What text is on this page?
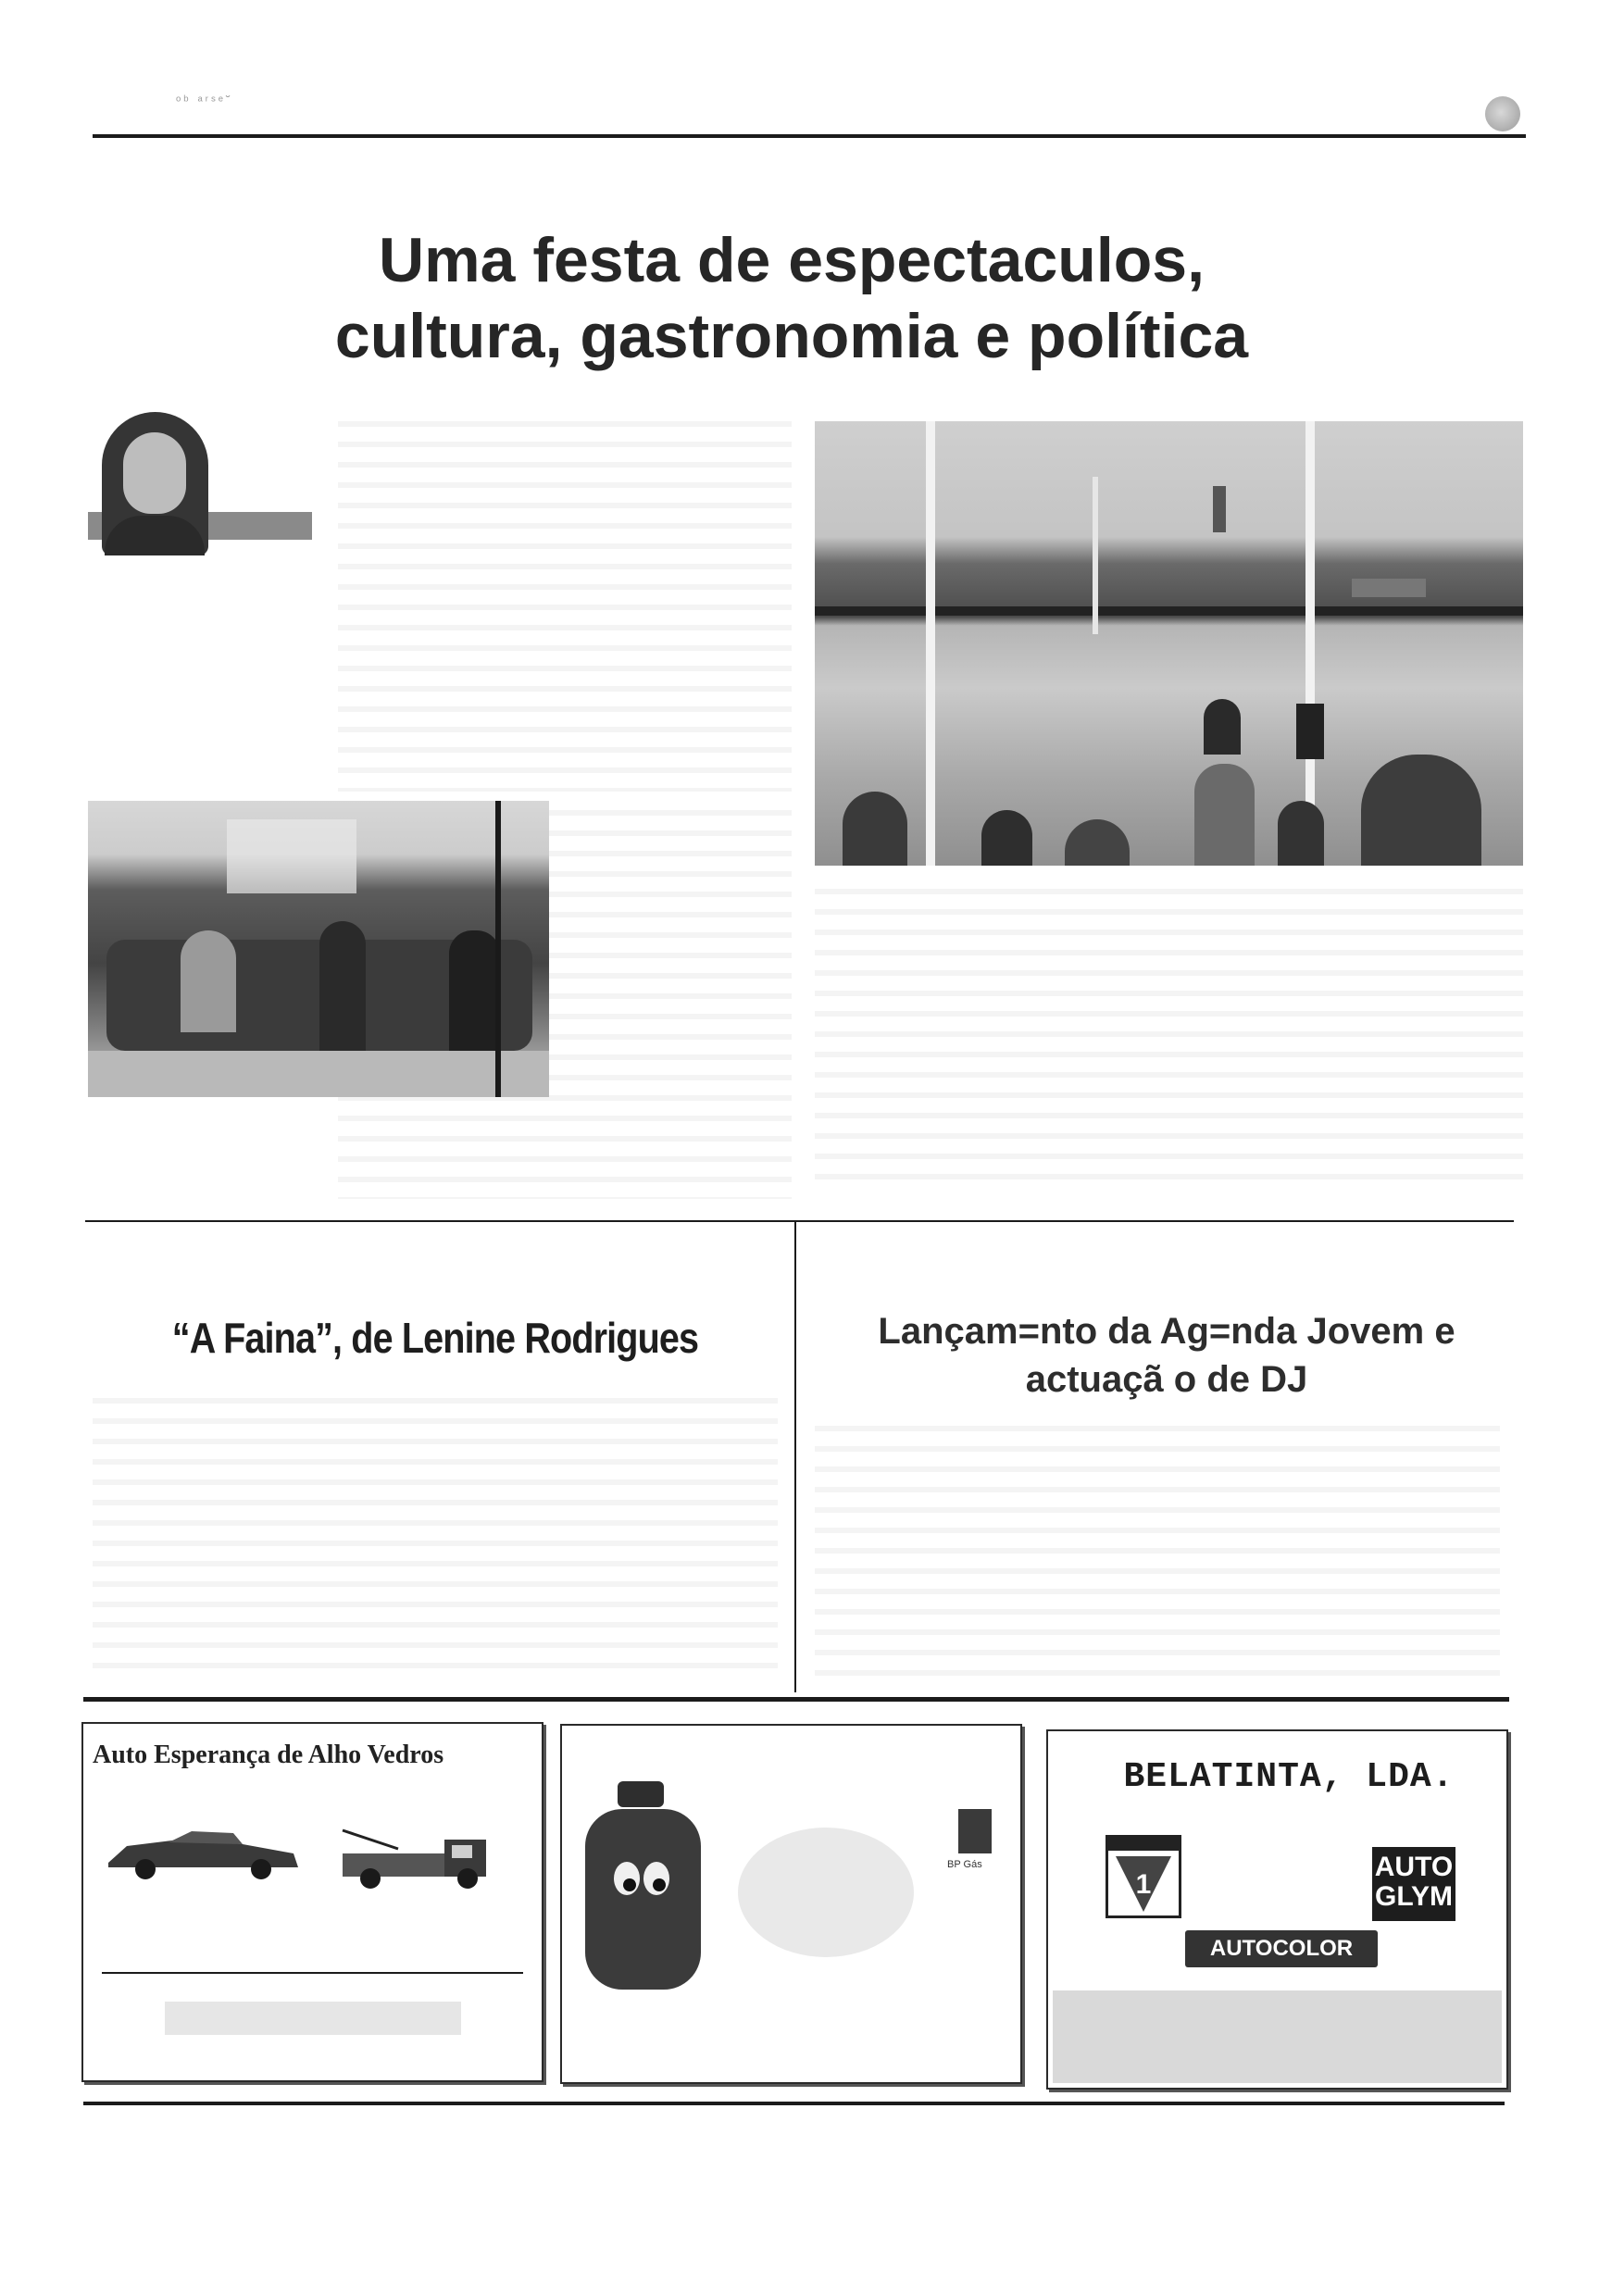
ᵒᵇ ᵃʳˢᵉ˘
Uma festa de espectaculos,
cultura, gastronomia e política
“A Faina”, de Lenine Rodrigues	Lançam=nto da Ag=nda Jovem e
actuaçã o de DJ
Auto Esperança de Alho Vedros
BP Gás
BELATINTA, LDA.
1
AUTO GLYM
AUTOCOLOR
